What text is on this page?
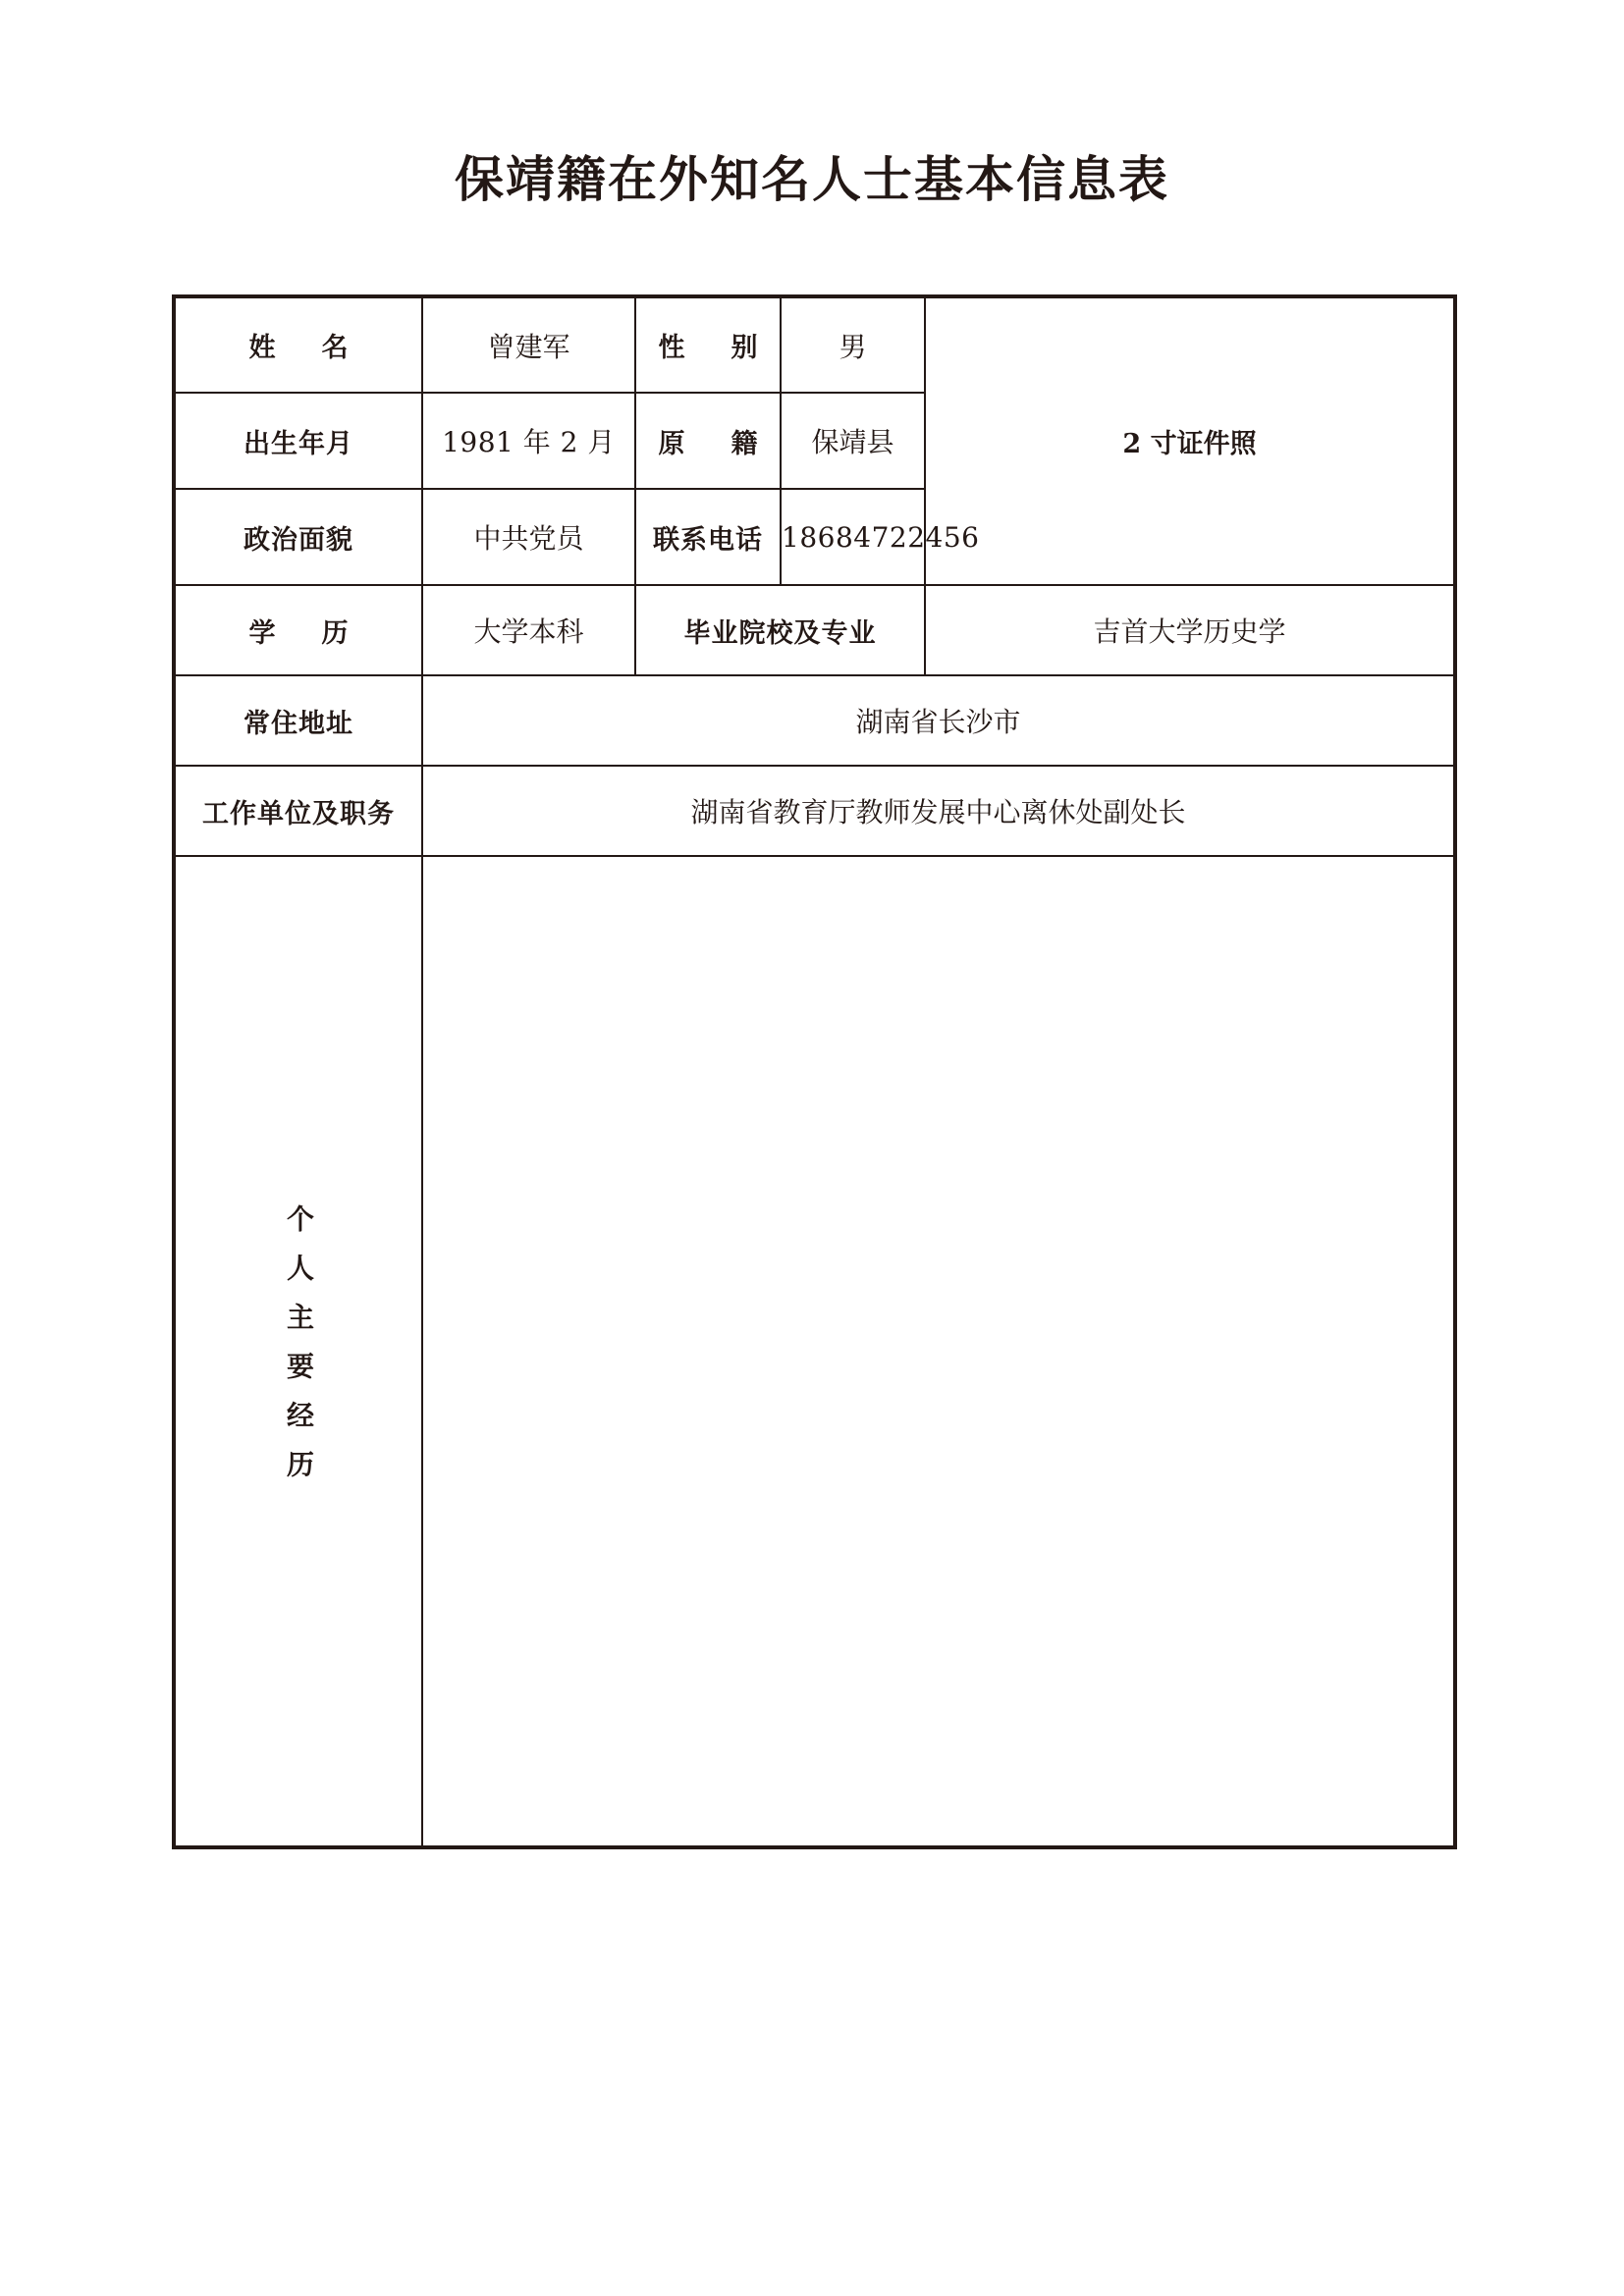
保靖籍在外知名人士基本信息表
姓　名	曾建军	性　别	男	2 寸证件照
出生年月	1981 年 2 月	原　籍	保靖县	
政治面貌	中共党员	联系电话	18684722456	
学　历	大学本科	毕业院校及专业		吉首大学历史学
常住地址	湖南省长沙市			
工作单位及职务	湖南省教育厅教师发展中心离休处副处长			

个人主要经历				
